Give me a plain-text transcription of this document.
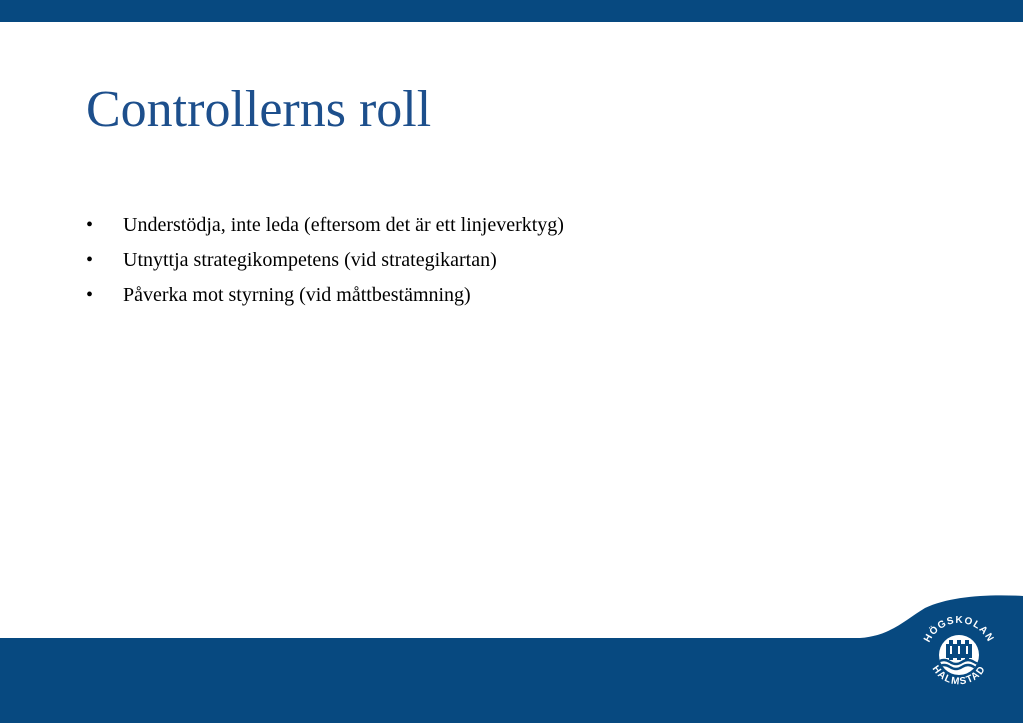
Controllerns roll
•	Understödja, inte leda (eftersom det är ett linjeverktyg)
•	Utnyttja strategikompetens (vid strategikartan)
•	Påverka mot styrning (vid måttbestämning)
HÖGSKOLAN
HALMSTAD
